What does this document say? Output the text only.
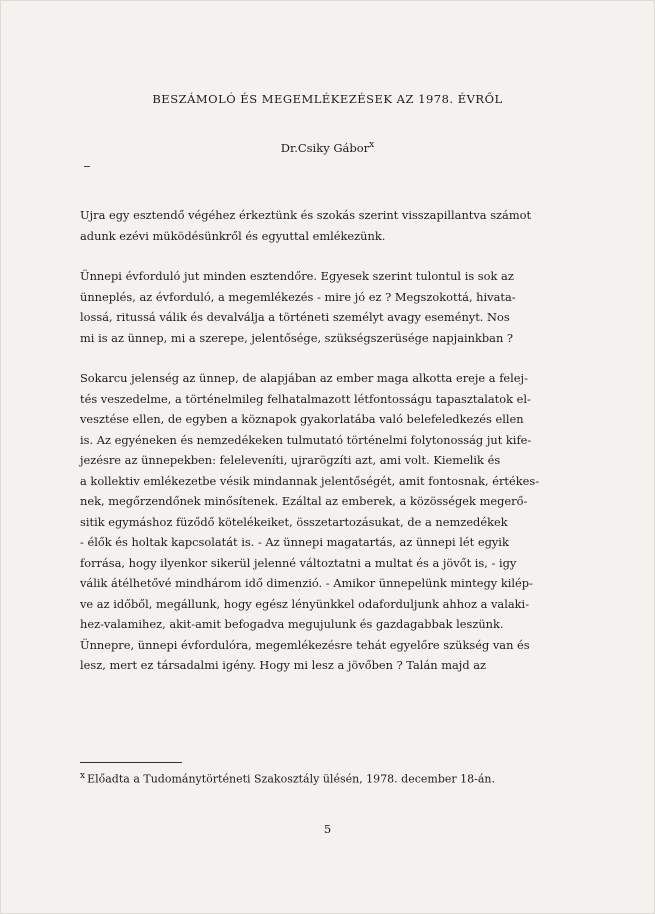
BESZÁMOLÓ ÉS MEGEMLÉKEZÉSEK AZ 1978. ÉVRŐL
Dr.Csiky Gábor$^x$
Ujra egy esztendő végéhez érkeztünk és szokás szerint visszapillantva számot
adunk ezévi müködésünkről és egyuttal emlékezünk.
Ünnepi évforduló jut minden esztendőre. Egyesek szerint tulontul is sok az
ünneplés, az évforduló, a megemlékezés - mire jó ez ? Megszokottá, hivata-
lossá, ritussá válik és devalválja a történeti személyt avagy eseményt. Nos
mi is az ünnep, mi a szerepe, jelentősége, szükségszerüsége napjainkban ?
Sokarcu jelenség az ünnep, de alapjában az ember maga alkotta ereje a felej-
tés veszedelme, a történelmileg felhatalmazott létfontosságu tapasztalatok el-
vesztése ellen, de egyben a köznapok gyakorlatába való belefeledkezés ellen
is. Az egyéneken és nemzedékeken tulmutató történelmi folytonosság jut kife-
jezésre az ünnepekben: feleleveníti, ujrarögzíti azt, ami volt. Kiemelik és
a kollektiv emlékezetbe vésik mindannak jelentőségét, amit fontosnak, értékes-
nek, megőrzendőnek minősítenek. Ezáltal az emberek, a közösségek megerő-
sitik egymáshoz füződő kötelékeiket, összetartozásukat, de a nemzedékek
- élők és holtak kapcsolatát is. - Az ünnepi magatartás, az ünnepi lét egyik
forrása, hogy ilyenkor sikerül jelenné változtatni a multat és a jövőt is, - igy
válik átélhetővé mindhárom idő dimenzió. - Amikor ünnepelünk mintegy kilép-
ve az időből, megállunk, hogy egész lényünkkel odaforduljunk ahhoz a valaki-
hez-valamihez, akit-amit befogadva megujulunk és gazdagabbak leszünk.
Ünnepre, ünnepi évfordulóra, megemlékezésre tehát egyelőre szükség van és
lesz, mert ez társadalmi igény. Hogy mi lesz a jövőben ? Talán majd az
$^x$ Előadta a Tudománytörténeti Szakosztály ülésén, 1978. december 18-án.
5
